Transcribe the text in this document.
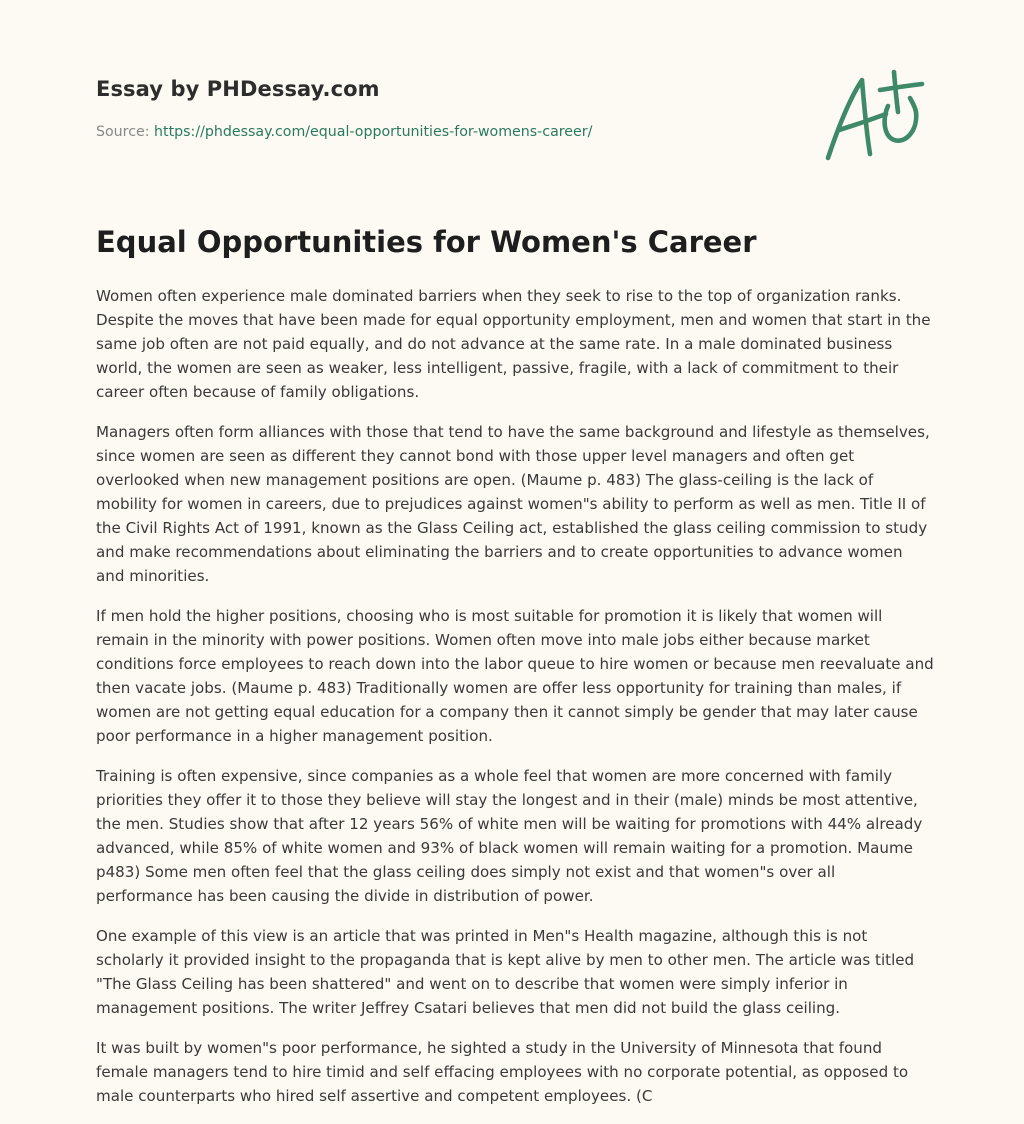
Essay by PHDessay.com

Source: https://phdessay.com/equal-opportunities-for-womens-career/

Equal Opportunities for Women's Career

Women often experience male dominated barriers when they seek to rise to the top of organization ranks. Despite the moves that have been made for equal opportunity employment, men and women that start in the same job often are not paid equally, and do not advance at the same rate. In a male dominated business world, the women are seen as weaker, less intelligent, passive, fragile, with a lack of commitment to their career often because of family obligations.

Managers often form alliances with those that tend to have the same background and lifestyle as themselves, since women are seen as different they cannot bond with those upper level managers and often get overlooked when new management positions are open. (Maume p. 483) The glass-ceiling is the lack of mobility for women in careers, due to prejudices against women"s ability to perform as well as men. Title II of the Civil Rights Act of 1991, known as the Glass Ceiling act, established the glass ceiling commission to study and make recommendations about eliminating the barriers and to create opportunities to advance women and minorities.

If men hold the higher positions, choosing who is most suitable for promotion it is likely that women will remain in the minority with power positions. Women often move into male jobs either because market conditions force employees to reach down into the labor queue to hire women or because men reevaluate and then vacate jobs. (Maume p. 483) Traditionally women are offer less opportunity for training than males, if women are not getting equal education for a company then it cannot simply be gender that may later cause poor performance in a higher management position.

Training is often expensive, since companies as a whole feel that women are more concerned with family priorities they offer it to those they believe will stay the longest and in their (male) minds be most attentive, the men. Studies show that after 12 years 56% of white men will be waiting for promotions with 44% already advanced, while 85% of white women and 93% of black women will remain waiting for a promotion. Maume p483) Some men often feel that the glass ceiling does simply not exist and that women"s over all performance has been causing the divide in distribution of power.

One example of this view is an article that was printed in Men"s Health magazine, although this is not scholarly it provided insight to the propaganda that is kept alive by men to other men. The article was titled "The Glass Ceiling has been shattered" and went on to describe that women were simply inferior in management positions. The writer Jeffrey Csatari believes that men did not build the glass ceiling.

It was built by women"s poor performance, he sighted a study in the University of Minnesota that found female managers tend to hire timid and self effacing employees with no corporate potential, as opposed to male counterparts who hired self assertive and competent employees. (C
